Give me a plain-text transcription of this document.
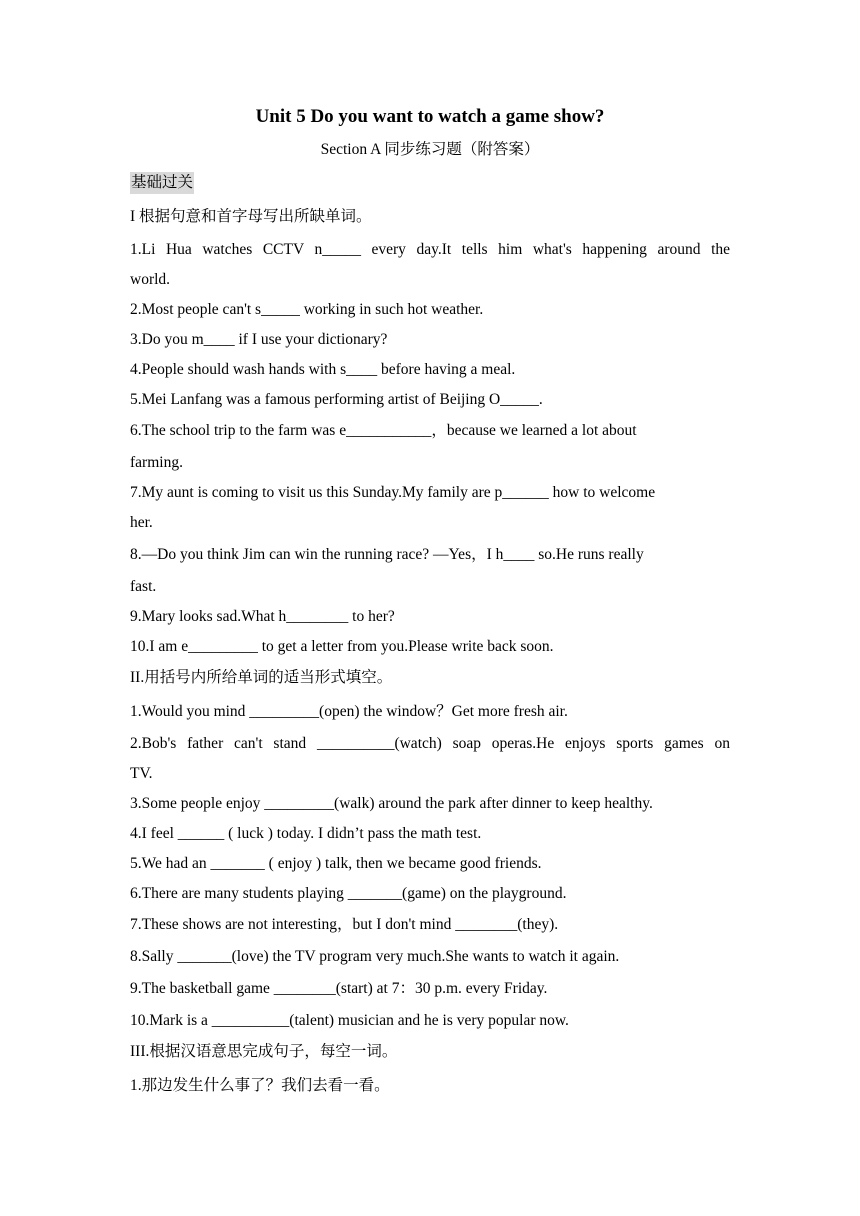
Unit 5 Do you want to watch a game show?
Section A 同步练习题（附答案）
基础过关
I 根据句意和首字母写出所缺单词。
1.Li Hua watches CCTV n_____ every day.It tells him what's happening around the
world.
2.Most people can't s_____ working in such hot weather.
3.Do you m____ if I use your dictionary?
4.People should wash hands with s____ before having a meal.
5.Mei Lanfang was a famous performing artist of Beijing O_____.
6.The school trip to the farm was e___________，because we learned a lot about
farming.
7.My aunt is coming to visit us this Sunday.My family are p______ how to welcome
her.
8.—Do you think Jim can win the running race? —Yes，I h____ so.He runs really
fast.
9.Mary looks sad.What h________ to her?
10.I am e_________ to get a letter from you.Please write back soon.
II.用括号内所给单词的适当形式填空。
1.Would you mind _________(open) the window？Get more fresh air.
2.Bob's father can't stand __________(watch) soap operas.He enjoys sports games on
TV.
3.Some people enjoy _________(walk) around the park after dinner to keep healthy.
4.I feel ______ ( luck ) today. I didn’t pass the math test.
5.We had an _______ ( enjoy ) talk, then we became good friends.
6.There are many students playing _______(game) on the playground.
7.These shows are not interesting，but I don't mind ________(they).
8.Sally _______(love) the TV program very much.She wants to watch it again.
9.The basketball game ________(start) at 7：30 p.m. every Friday.
10.Mark is a __________(talent) musician and he is very popular now.
III.根据汉语意思完成句子，每空一词。
1.那边发生什么事了？我们去看一看。
